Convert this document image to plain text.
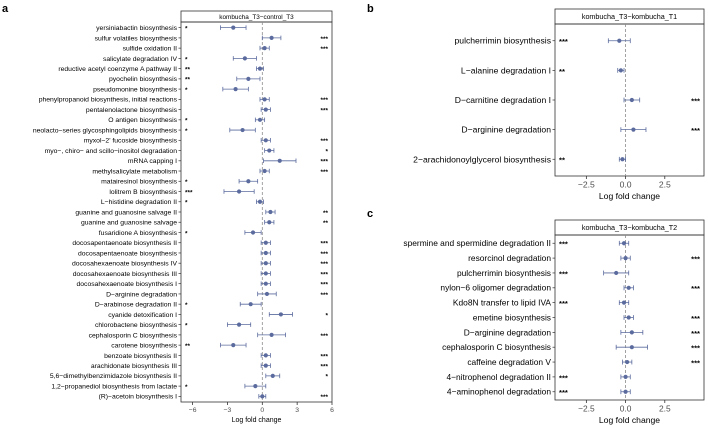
a
kombucha_T3−control_T3
−6	−3	0	3	6
Log fold change
yersiniabactin biosynthesis *
sulfur volatiles biosynthesis	***
sulfide oxidation II	***
salicylate degradation IV *
reductive acetyl coenzyme A pathway II **
pyochelin biosynthesis **
pseudomonine biosynthesis *
phenylpropanoid biosynthesis, initial reactions	***
pentalenolactone biosynthesis	***
O antigen biosynthesis *
neolacto−series glycosphingolipids biosynthesis *
myxol−2' fucoside biosynthesis	***
myo−, chiro− and scillo−inositol degradation	*
mRNA capping I	***
methylsalicylate metabolism	***
matairesinol biosynthesis *
lolitrem B biosynthesis ***
L−histidine degradation II *
guanine and guanosine salvage II	**
guanine and guanosine salvage	**
fusaridione A biosynthesis *
docosapentaenoate biosynthesis II	***
docosapentaenoate biosynthesis	***
docosahexaenoate biosynthesis IV	***
docosahexaenoate biosynthesis III	***
docosahexaenoate biosynthesis I	***
D−arginine degradation	***
D−arabinose degradation II *
cyanide detoxification I	*
chlorobactene biosynthesis *
cephalosporin C biosynthesis	***
carotene biosynthesis **
benzoate biosynthesis II	***
arachidonate biosynthesis III	***
5,6−dimethylbenzimidazole biosynthesis II	*
1,2−propanediol biosynthesis from lactate *
(R)−acetoin biosynthesis I	***
b
kombucha_T3−kombucha_T1
−2.5	0.0	2.5
Log fold change
pulcherrimin biosynthesis ***
L−alanine degradation I **
D−carnitine degradation I	***
D−arginine degradation	***
2−arachidonoylglycerol biosynthesis **
c
kombucha_T3−kombucha_T2
−2.5	0.0	2.5
Log fold change
spermine and spermidine degradation II ***
resorcinol degradation	***
pulcherrimin biosynthesis ***
nylon−6 oligomer degradation	***
Kdo8N transfer to lipid IVA ***
emetine biosynthesis	***
D−arginine degradation	***
cephalosporin C biosynthesis	***
caffeine degradation V	***
4−nitrophenol degradation II ***
4−aminophenol degradation ***
